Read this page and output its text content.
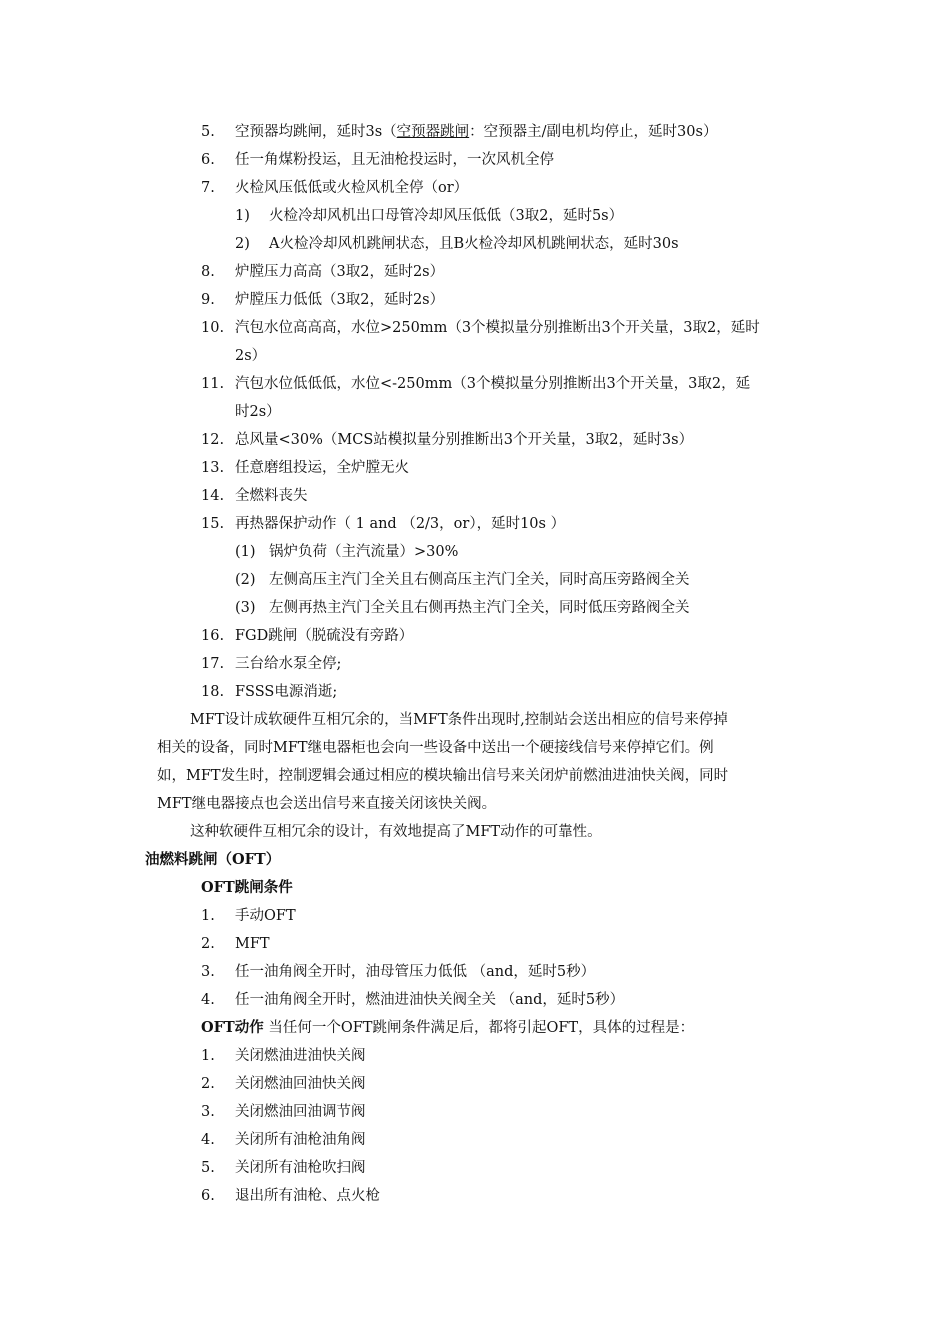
5. 空预器均跳闸，延时3s（空预器跳闸：空预器主/副电机均停止，延时30s）
6. 任一角煤粉投运，且无油枪投运时，一次风机全停
7. 火检风压低低或火检风机全停（or）
1) 火检冷却风机出口母管冷却风压低低（3取2，延时5s）
2) A火检冷却风机跳闸状态，且B火检冷却风机跳闸状态，延时30s
8. 炉膛压力高高（3取2，延时2s）
9. 炉膛压力低低（3取2，延时2s）
10. 汽包水位高高高，水位>250mm（3个模拟量分别推断出3个开关量，3取2，延时
2s）
11. 汽包水位低低低，水位<-250mm（3个模拟量分别推断出3个开关量，3取2，延
时2s）
12. 总风量<30%（MCS站模拟量分别推断出3个开关量，3取2，延时3s）
13. 任意磨组投运，全炉膛无火
14. 全燃料丧失
15. 再热器保护动作（ 1 and （2/3，or），延时10s ）
(1) 锅炉负荷（主汽流量）>30%
(2) 左侧高压主汽门全关且右侧高压主汽门全关，同时高压旁路阀全关
(3) 左侧再热主汽门全关且右侧再热主汽门全关，同时低压旁路阀全关
16. FGD跳闸（脱硫没有旁路）
17. 三台给水泵全停;
18. FSSS电源消逝;
MFT设计成软硬件互相冗余的，当MFT条件出现时,控制站会送出相应的信号来停掉
相关的设备，同时MFT继电器柜也会向一些设备中送出一个硬接线信号来停掉它们。例
如，MFT发生时，控制逻辑会通过相应的模块输出信号来关闭炉前燃油进油快关阀，同时
MFT继电器接点也会送出信号来直接关闭该快关阀。
这种软硬件互相冗余的设计，有效地提高了MFT动作的可靠性。
油燃料跳闸（OFT）
OFT跳闸条件
1. 手动OFT
2. MFT
3. 任一油角阀全开时，油母管压力低低 （and，延时5秒）
4. 任一油角阀全开时，燃油进油快关阀全关 （and，延时5秒）
OFT动作 当任何一个OFT跳闸条件满足后，都将引起OFT，具体的过程是：
1. 关闭燃油进油快关阀
2. 关闭燃油回油快关阀
3. 关闭燃油回油调节阀
4. 关闭所有油枪油角阀
5. 关闭所有油枪吹扫阀
6. 退出所有油枪、点火枪
